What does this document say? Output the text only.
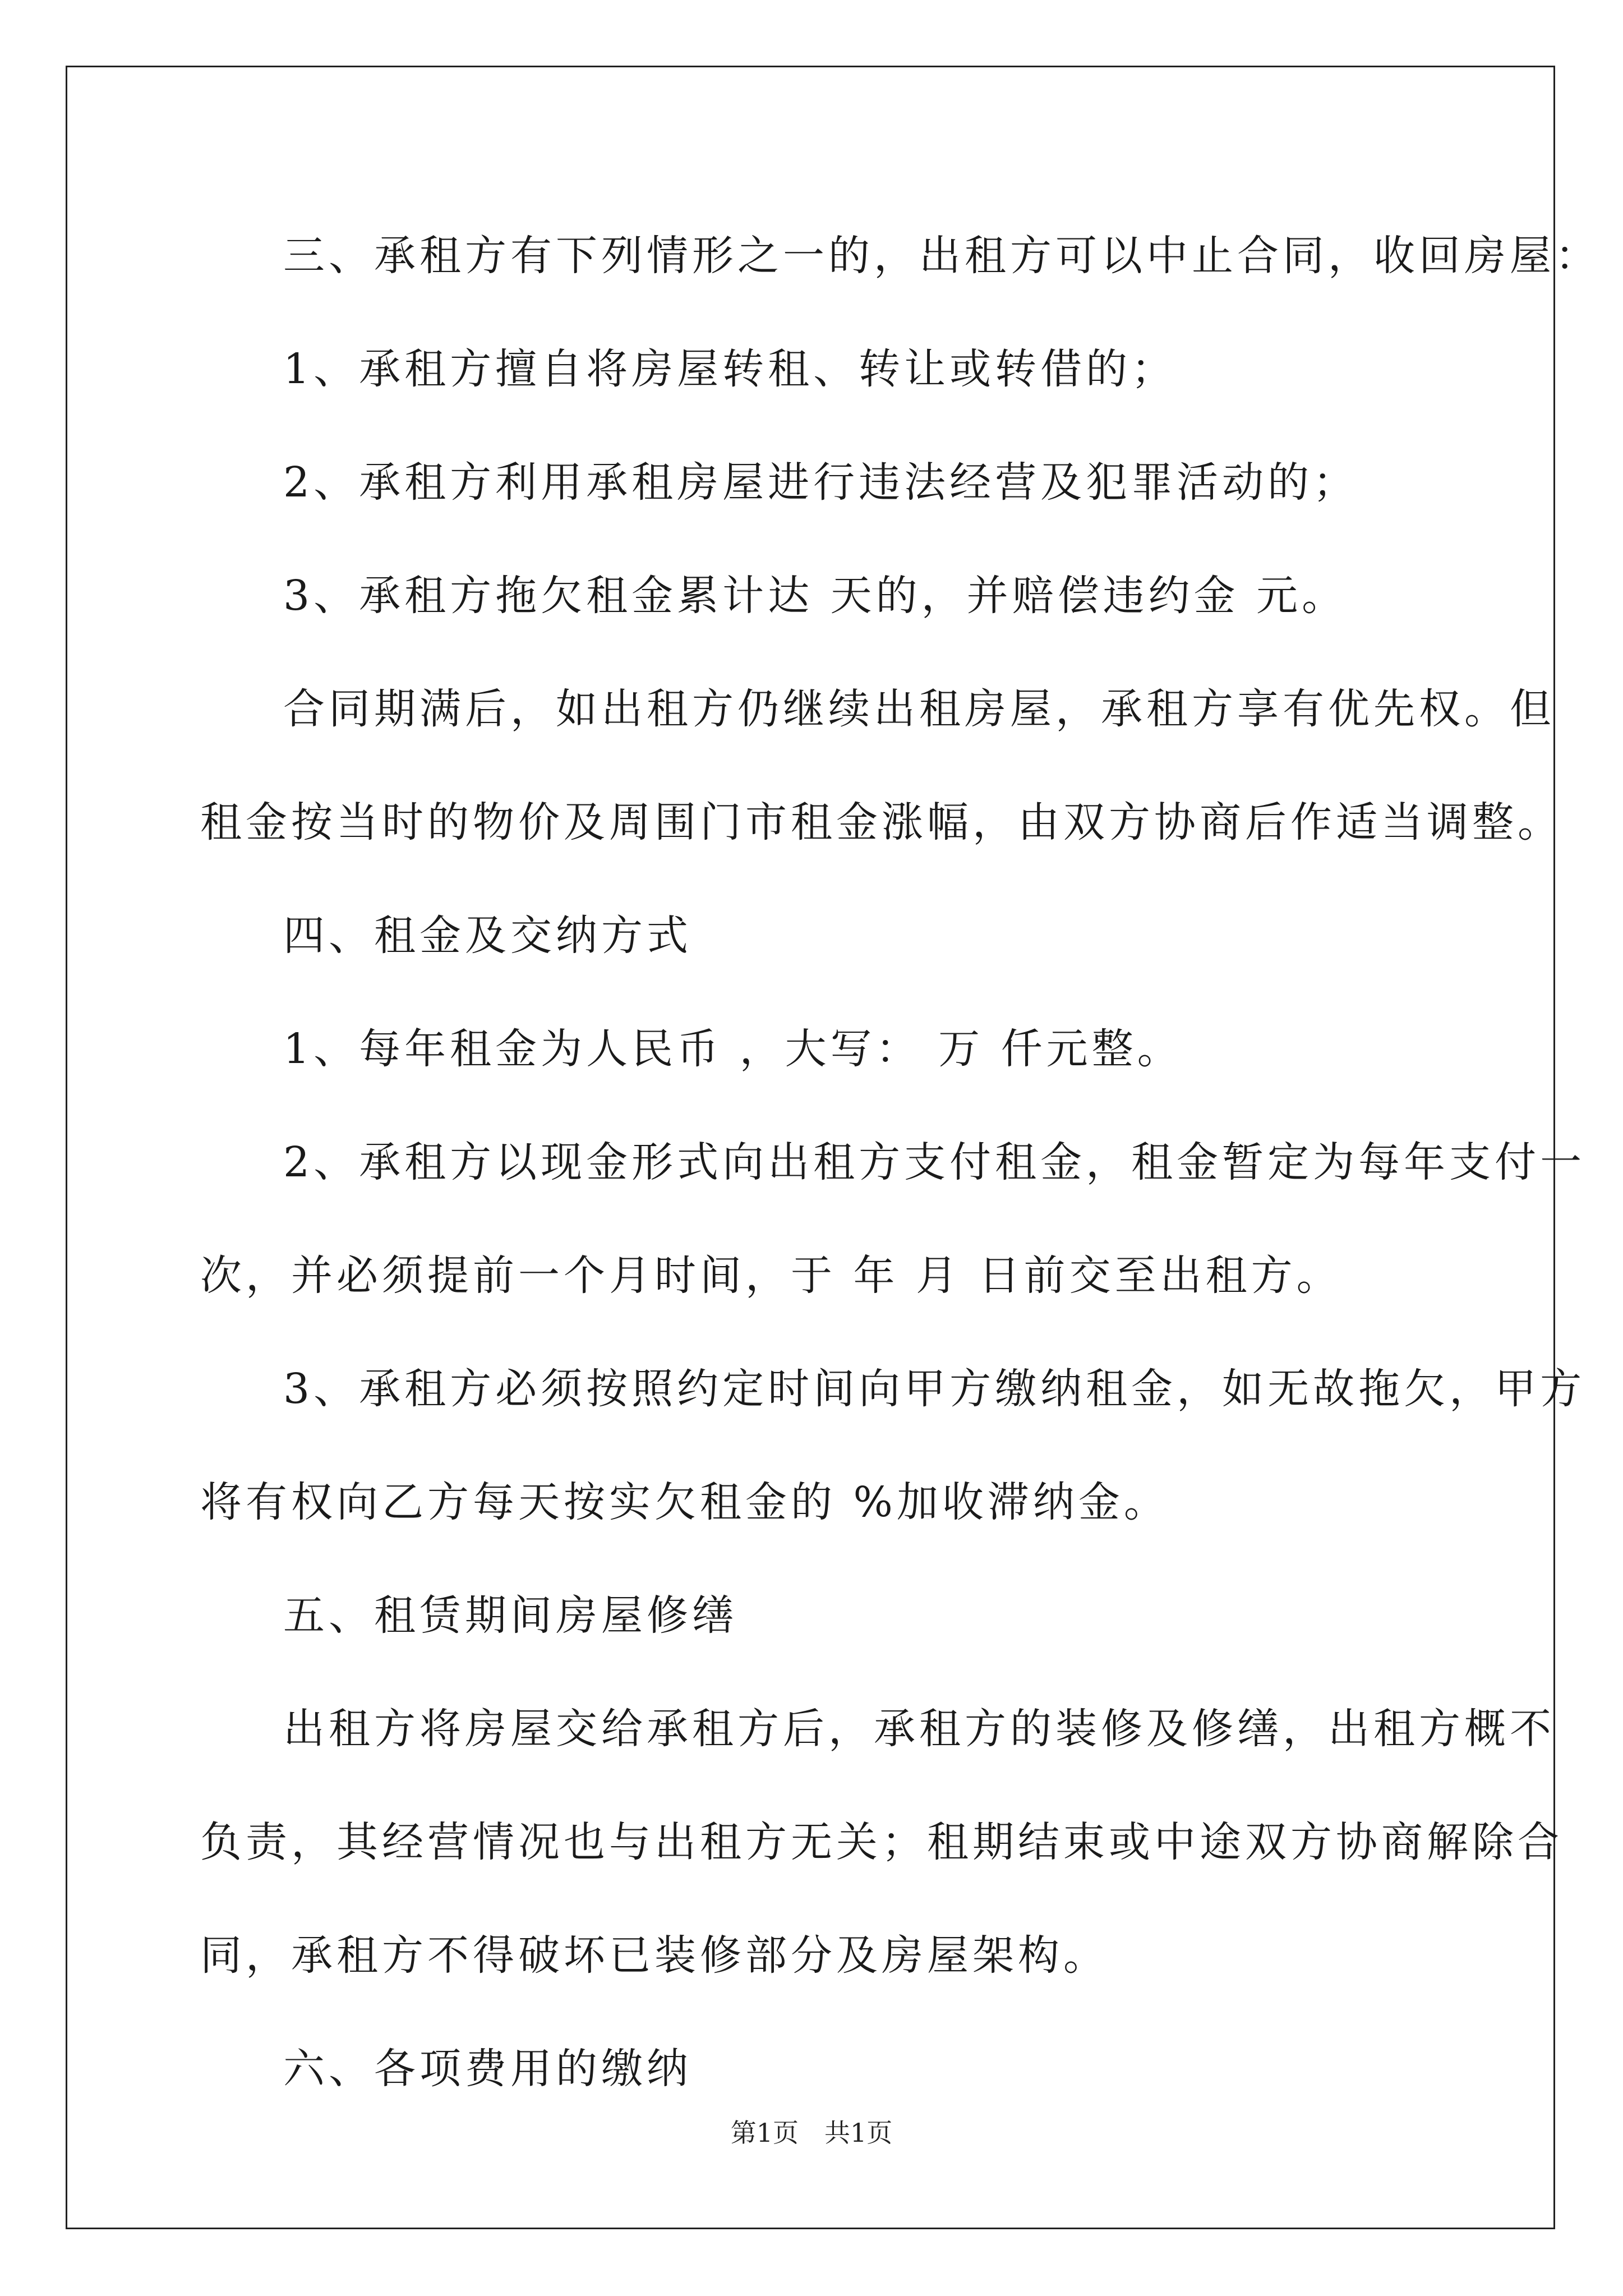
三、承租方有下列情形之一的，出租方可以中止合同，收回房屋：

1、承租方擅自将房屋转租、转让或转借的；

2、承租方利用承租房屋进行违法经营及犯罪活动的；

3、承租方拖欠租金累计达 天的，并赔偿违约金 元。

合同期满后，如出租方仍继续出租房屋，承租方享有优先权。但

租金按当时的物价及周围门市租金涨幅，由双方协商后作适当调整。

四、租金及交纳方式

1、每年租金为人民币 ，大写： 万 仟元整。

2、承租方以现金形式向出租方支付租金，租金暂定为每年支付一

次，并必须提前一个月时间，于 年 月 日前交至出租方。

3、承租方必须按照约定时间向甲方缴纳租金，如无故拖欠，甲方

将有权向乙方每天按实欠租金的 %加收滞纳金。

五、租赁期间房屋修缮

出租方将房屋交给承租方后，承租方的装修及修缮，出租方概不

负责，其经营情况也与出租方无关；租期结束或中途双方协商解除合

同，承租方不得破坏已装修部分及房屋架构。

六、各项费用的缴纳

第1页　共1页
